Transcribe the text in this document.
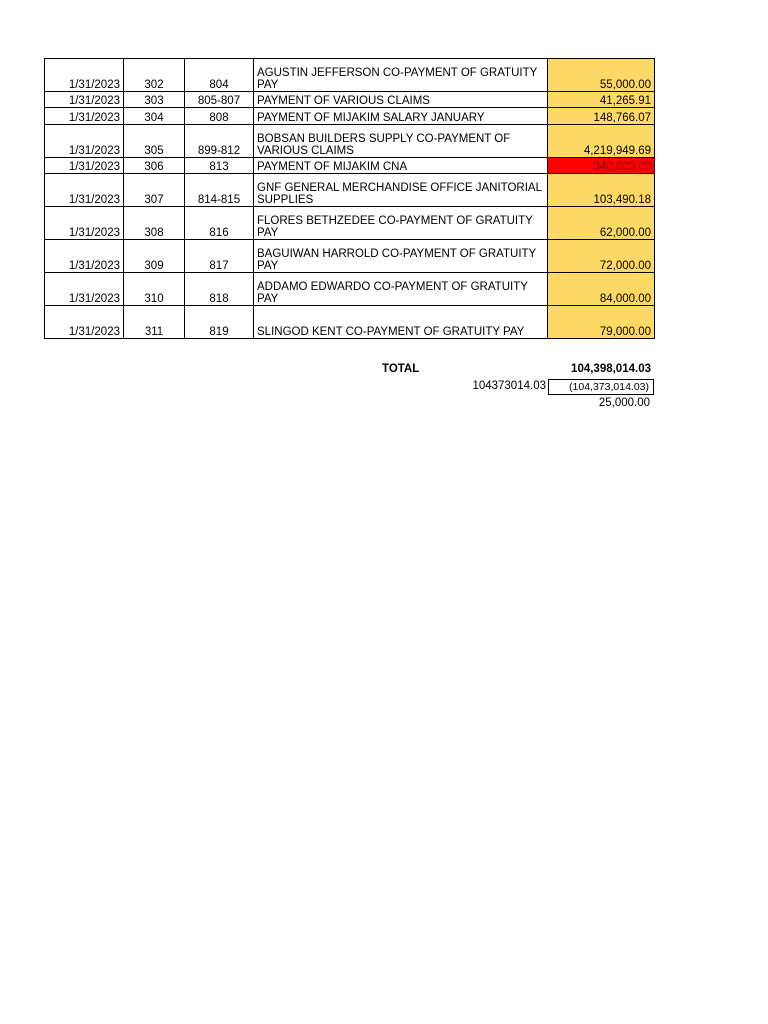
1/31/2023	302	804	AGUSTIN JEFFERSON CO-PAYMENT OF GRATUITY PAY	55,000.00
1/31/2023	303	805-807	PAYMENT OF VARIOUS CLAIMS	41,265.91
1/31/2023	304	808	PAYMENT OF MIJAKIM SALARY JANUARY	148,766.07
1/31/2023	305	899-812	BOBSAN BUILDERS SUPPLY CO-PAYMENT OF VARIOUS CLAIMS	4,219,949.69
1/31/2023	306	813	PAYMENT OF MIJAKIM CNA	340,000.00
1/31/2023	307	814-815	GNF GENERAL MERCHANDISE OFFICE JANITORIAL SUPPLIES	103,490.18
1/31/2023	308	816	FLORES BETHZEDEE CO-PAYMENT OF GRATUITY PAY	62,000.00
1/31/2023	309	817	BAGUIWAN HARROLD CO-PAYMENT OF GRATUITY PAY	72,000.00
1/31/2023	310	818	ADDAMO EDWARDO CO-PAYMENT OF GRATUITY PAY	84,000.00
1/31/2023	311	819	SLINGOD KENT CO-PAYMENT OF GRATUITY PAY	79,000.00
TOTAL	104,398,014.03
104373014.03	(104,373,014.03)
25,000.00
